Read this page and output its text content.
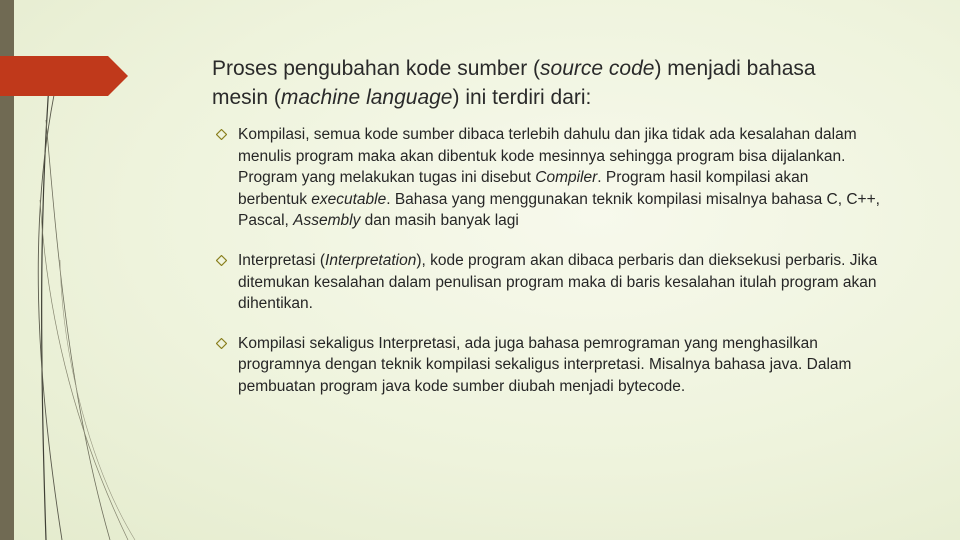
Proses pengubahan kode sumber (source code) menjadi bahasa mesin (machine language) ini terdiri dari:
Kompilasi, semua kode sumber dibaca terlebih dahulu dan jika tidak ada kesalahan dalam menulis program maka akan dibentuk kode mesinnya sehingga program bisa dijalankan. Program yang melakukan tugas ini disebut Compiler. Program hasil kompilasi akan berbentuk executable. Bahasa yang menggunakan teknik kompilasi misalnya bahasa C, C++, Pascal, Assembly dan masih banyak lagi
Interpretasi (Interpretation), kode program akan dibaca perbaris dan dieksekusi perbaris. Jika ditemukan kesalahan dalam penulisan program maka di baris kesalahan itulah program akan dihentikan.
Kompilasi sekaligus Interpretasi, ada juga bahasa pemrograman yang menghasilkan programnya dengan teknik kompilasi sekaligus interpretasi. Misalnya bahasa java. Dalam pembuatan program java kode sumber diubah menjadi bytecode.
